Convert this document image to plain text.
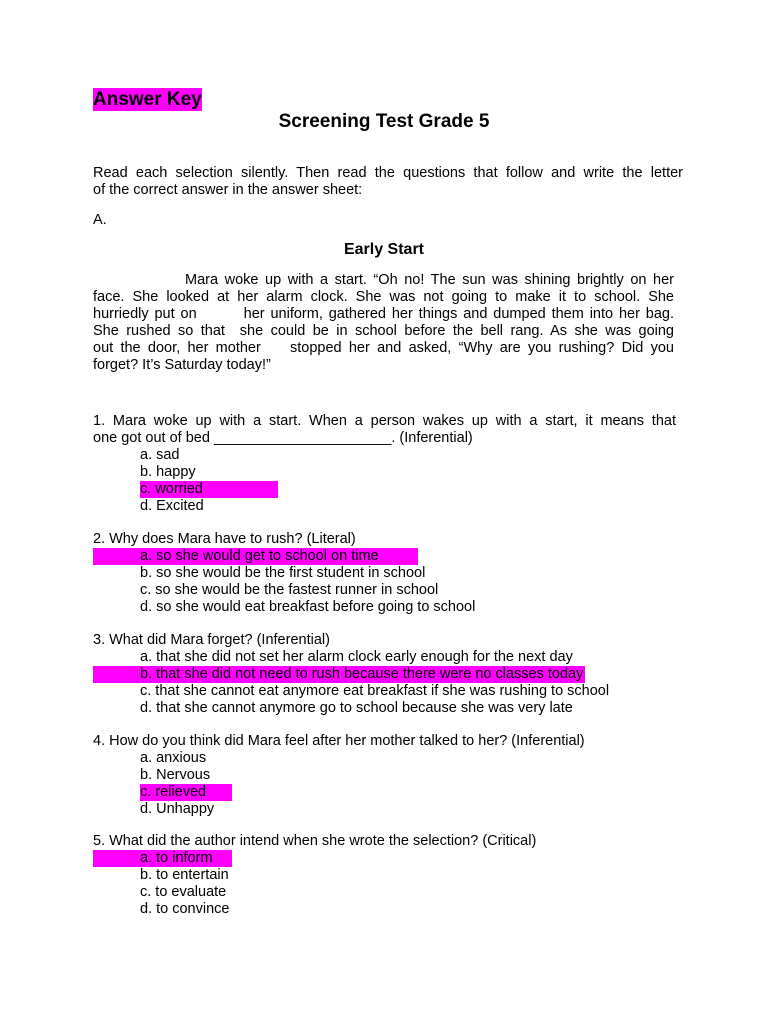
Answer Key
Screening Test Grade 5
Read each selection silently. Then read the questions that follow and write the letter
of the correct answer in the answer sheet:
A.
Early Start
Mara woke up with a start. “Oh no! The sun was shining brightly on her
face. She looked at her alarm clock. She was not going to make it to school. She
hurriedly put on        her uniform, gathered her things and dumped them into her bag.
She rushed so that  she could be in school before the bell rang. As she was going
out the door, her mother    stopped her and asked, “Why are you rushing? Did you
forget? It’s Saturday today!”
1. Mara woke up with a start. When a person wakes up with a start, it means that
one got out of bed ______________________. (Inferential)
a. sad
b. happy
c. worried
d. Excited
2. Why does Mara have to rush? (Literal)
a. so she would get to school on time
b. so she would be the first student in school
c. so she would be the fastest runner in school
d. so she would eat breakfast before going to school
3. What did Mara forget? (Inferential)
a. that she did not set her alarm clock early enough for the next day
b. that she did not need to rush because there were no classes today
c. that she cannot eat anymore eat breakfast if she was rushing to school
d. that she cannot anymore go to school because she was very late
4. How do you think did Mara feel after her mother talked to her? (Inferential)
a. anxious
b. Nervous
c. relieved
d. Unhappy
5. What did the author intend when she wrote the selection? (Critical)
a. to inform
b. to entertain
c. to evaluate
d. to convince
